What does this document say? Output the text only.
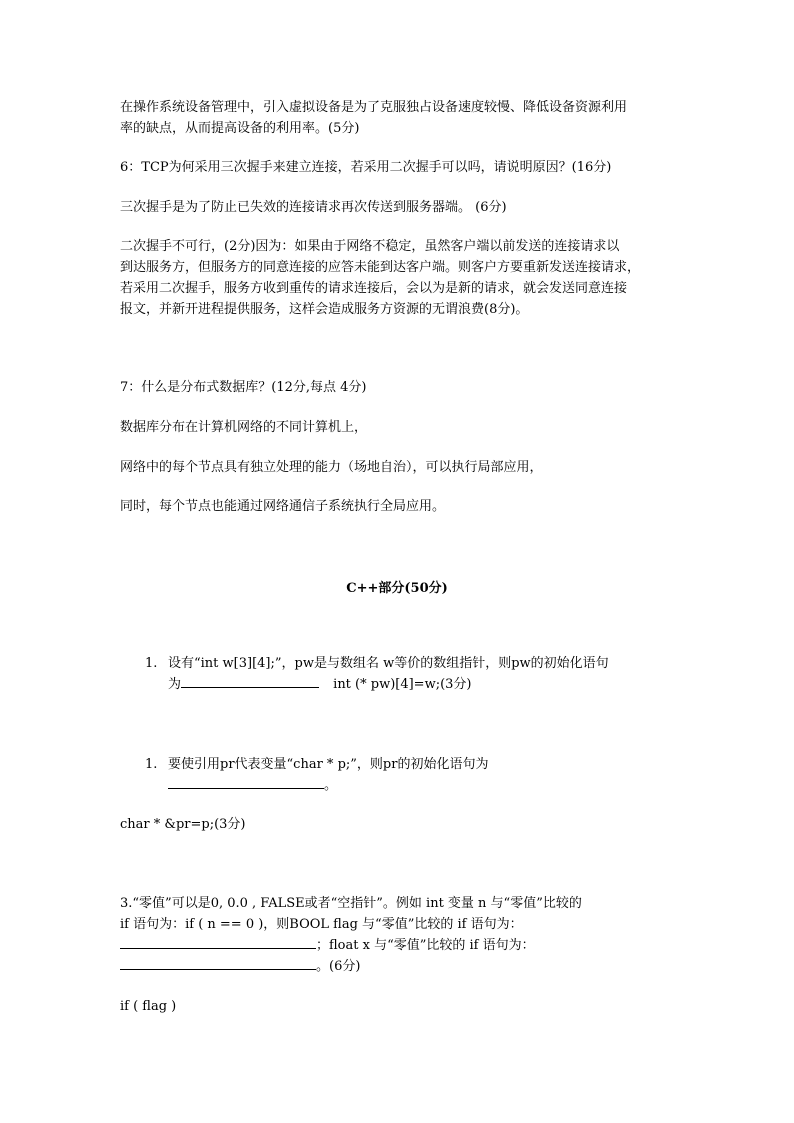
在操作系统设备管理中，引入虚拟设备是为了克服独占设备速度较慢、降低设备资源利用
率的缺点，从而提高设备的利用率。(5分)
6：TCP为何采用三次握手来建立连接，若采用二次握手可以吗，请说明原因？(16分)
三次握手是为了防止已失效的连接请求再次传送到服务器端。 (6分)
二次握手不可行，(2分)因为：如果由于网络不稳定，虽然客户端以前发送的连接请求以
到达服务方，但服务方的同意连接的应答未能到达客户端。则客户方要重新发送连接请求，
若采用二次握手，服务方收到重传的请求连接后，会以为是新的请求，就会发送同意连接
报文，并新开进程提供服务，这样会造成服务方资源的无谓浪费(8分)。
7：什么是分布式数据库？(12分,每点 4分)
数据库分布在计算机网络的不同计算机上，
网络中的每个节点具有独立处理的能力（场地自治），可以执行局部应用，
同时，每个节点也能通过网络通信子系统执行全局应用。
C++部分(50分)
1. 设有“int w[3][4];”，pw是与数组名 w等价的数组指针，则pw的初始化语句
为	int (* pw)[4]=w;(3分)
1. 要使引用pr代表变量“char * p;”，则pr的初始化语句为
。
char * &pr=p;(3分)
3.“零值”可以是0, 0.0 , FALSE或者“空指针”。例如 int 变量 n 与“零值”比较的
if 语句为：if ( n == 0 )，则BOOL flag 与“零值”比较的 if 语句为：
；float x 与“零值”比较的 if 语句为：
。(6分)
if ( flag )
